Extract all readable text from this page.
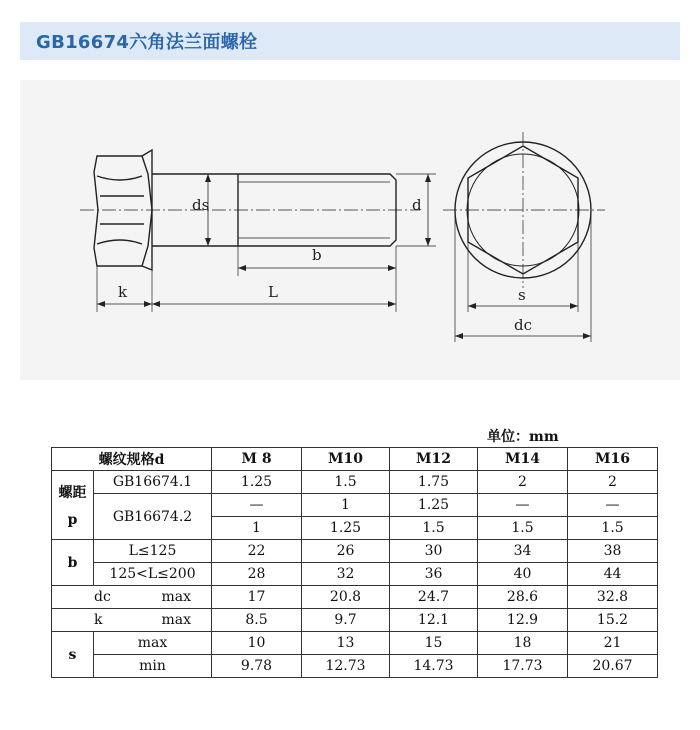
GB16674六角法兰面螺栓
ds	d
b
k	L	s
dc
单位：mm
螺纹规格d		M 8	M10	M12	M14	M16

螺距
p	GB16674.1	1.25	1.5	1.75	2	2
	GB16674.2	—	1	1.25	—	—
		1	1.25	1.5	1.5	1.5
b	L≤125	22	26	30	34	38
	125<L≤200	28	32	36	40	44

dc max		17	20.8	24.7	28.6	32.8

k max		8.5	9.7	12.1	12.9	15.2
s	max	10	13	15	18	21
	min	9.78	12.73	14.73	17.73	20.67
